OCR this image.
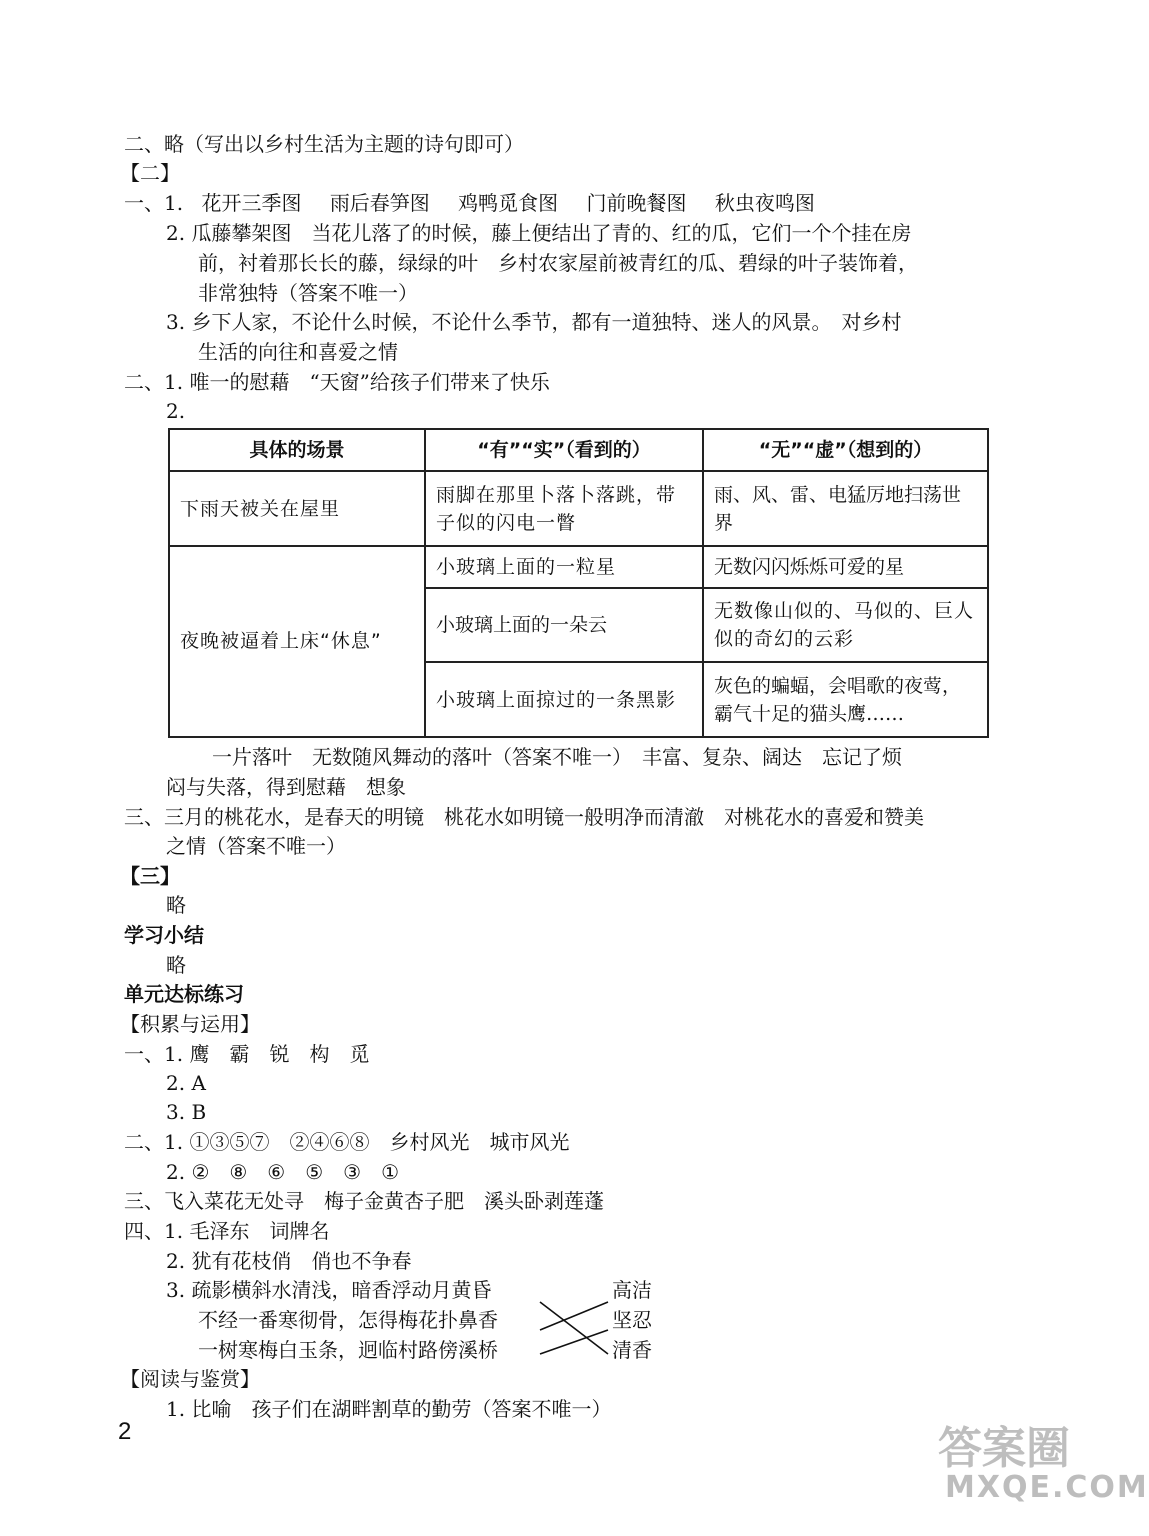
二、略（写出以乡村生活为主题的诗句即可）
【二】
一、1. 花开三季图 雨后春笋图 鸡鸭觅食图 门前晚餐图 秋虫夜鸣图
2. 瓜藤攀架图　当花儿落了的时候，藤上便结出了青的、红的瓜，它们一个个挂在房
前，衬着那长长的藤，绿绿的叶　乡村农家屋前被青红的瓜、碧绿的叶子装饰着，
非常独特（答案不唯一）
3. 乡下人家，不论什么时候，不论什么季节，都有一道独特、迷人的风景。　对乡村
生活的向往和喜爱之情
二、1. 唯一的慰藉　“天窗”给孩子们带来了快乐
2.
具体的场景	“有”“实”（看到的）	“无”“虚”（想到的）
下雨天被关在屋里	雨脚在那里卜落卜落跳，带子似的闪电一瞥	雨、风、雷、电猛厉地扫荡世界
夜晚被逼着上床“休息”	小玻璃上面的一粒星	无数闪闪烁烁可爱的星
	小玻璃上面的一朵云	无数像山似的、马似的、巨人似的奇幻的云彩
	小玻璃上面掠过的一条黑影	灰色的蝙蝠，会唱歌的夜莺，霸气十足的猫头鹰……
一片落叶　无数随风舞动的落叶（答案不唯一）　丰富、复杂、阔达　忘记了烦
闷与失落，得到慰藉　想象
三、三月的桃花水，是春天的明镜　桃花水如明镜一般明净而清澈　对桃花水的喜爱和赞美
之情（答案不唯一）
【三】
略
学习小结
略
单元达标练习
【积累与运用】
一、1. 鹰　霸　锐　构　觅
2. A
3. B
二、1. ①③⑤⑦　②④⑥⑧　乡村风光　城市风光
2. ②　⑧　⑥　⑤　③　①
三、飞入菜花无处寻　梅子金黄杏子肥　溪头卧剥莲蓬
四、1. 毛泽东　词牌名
2. 犹有花枝俏　俏也不争春
3. 疏影横斜水清浅，暗香浮动月黄昏
不经一番寒彻骨，怎得梅花扑鼻香
一树寒梅白玉条，迥临村路傍溪桥
高洁
坚忍
清香
【阅读与鉴赏】
1. 比喻　孩子们在湖畔割草的勤劳（答案不唯一）
2	答案圈
MXQE.COM
